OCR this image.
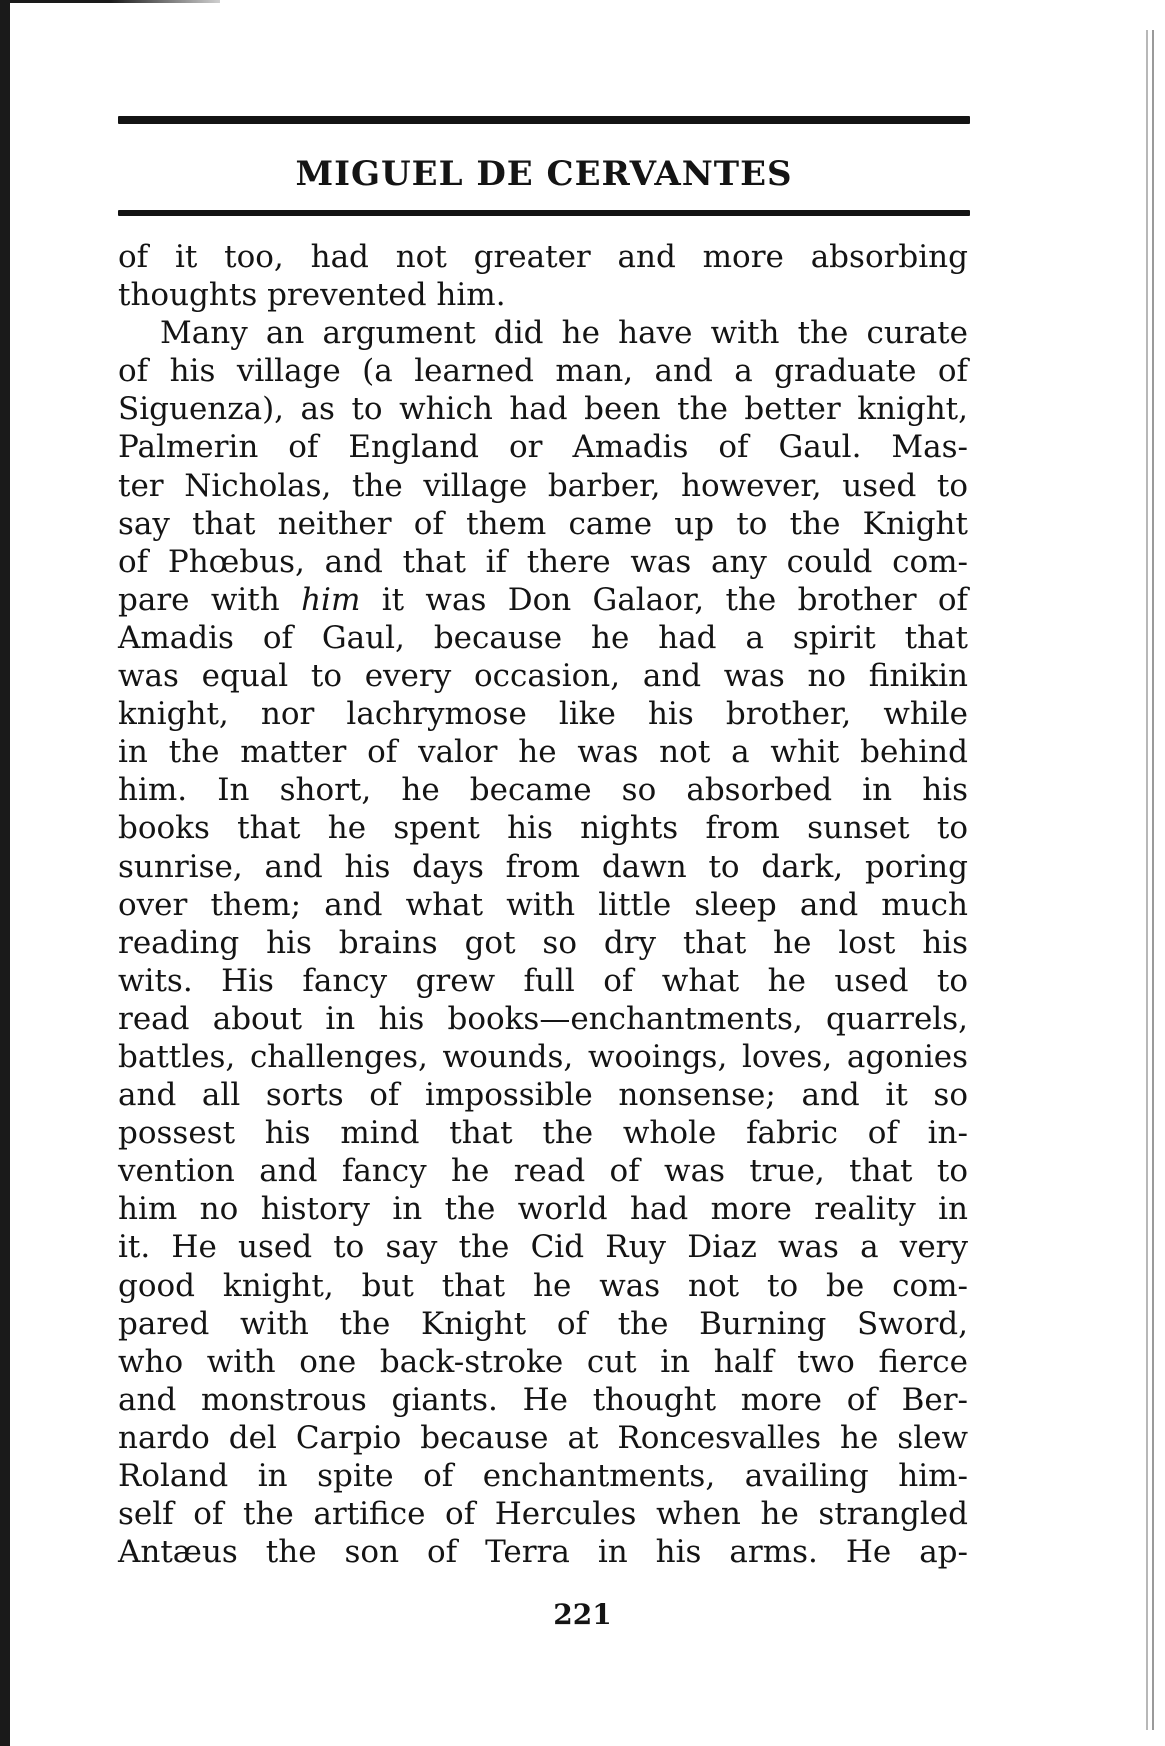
MIGUEL DE CERVANTES
of it too, had not greater and more absorbing
thoughts prevented him.
Many an argument did he have with the curate
of his village (a learned man, and a graduate of
Siguenza), as to which had been the better knight,
Palmerin of England or Amadis of Gaul. Mas-
ter Nicholas, the village barber, however, used to
say that neither of them came up to the Knight
of Phœbus, and that if there was any could com-
pare with him it was Don Galaor, the brother of
Amadis of Gaul, because he had a spirit that
was equal to every occasion, and was no finikin
knight, nor lachrymose like his brother, while
in the matter of valor he was not a whit behind
him. In short, he became so absorbed in his
books that he spent his nights from sunset to
sunrise, and his days from dawn to dark, poring
over them; and what with little sleep and much
reading his brains got so dry that he lost his
wits. His fancy grew full of what he used to
read about in his books—enchantments, quarrels,
battles, challenges, wounds, wooings, loves, agonies
and all sorts of impossible nonsense; and it so
possest his mind that the whole fabric of in-
vention and fancy he read of was true, that to
him no history in the world had more reality in
it. He used to say the Cid Ruy Diaz was a very
good knight, but that he was not to be com-
pared with the Knight of the Burning Sword,
who with one back-stroke cut in half two fierce
and monstrous giants. He thought more of Ber-
nardo del Carpio because at Roncesvalles he slew
Roland in spite of enchantments, availing him-
self of the artifice of Hercules when he strangled
Antæus the son of Terra in his arms. He ap-
221
